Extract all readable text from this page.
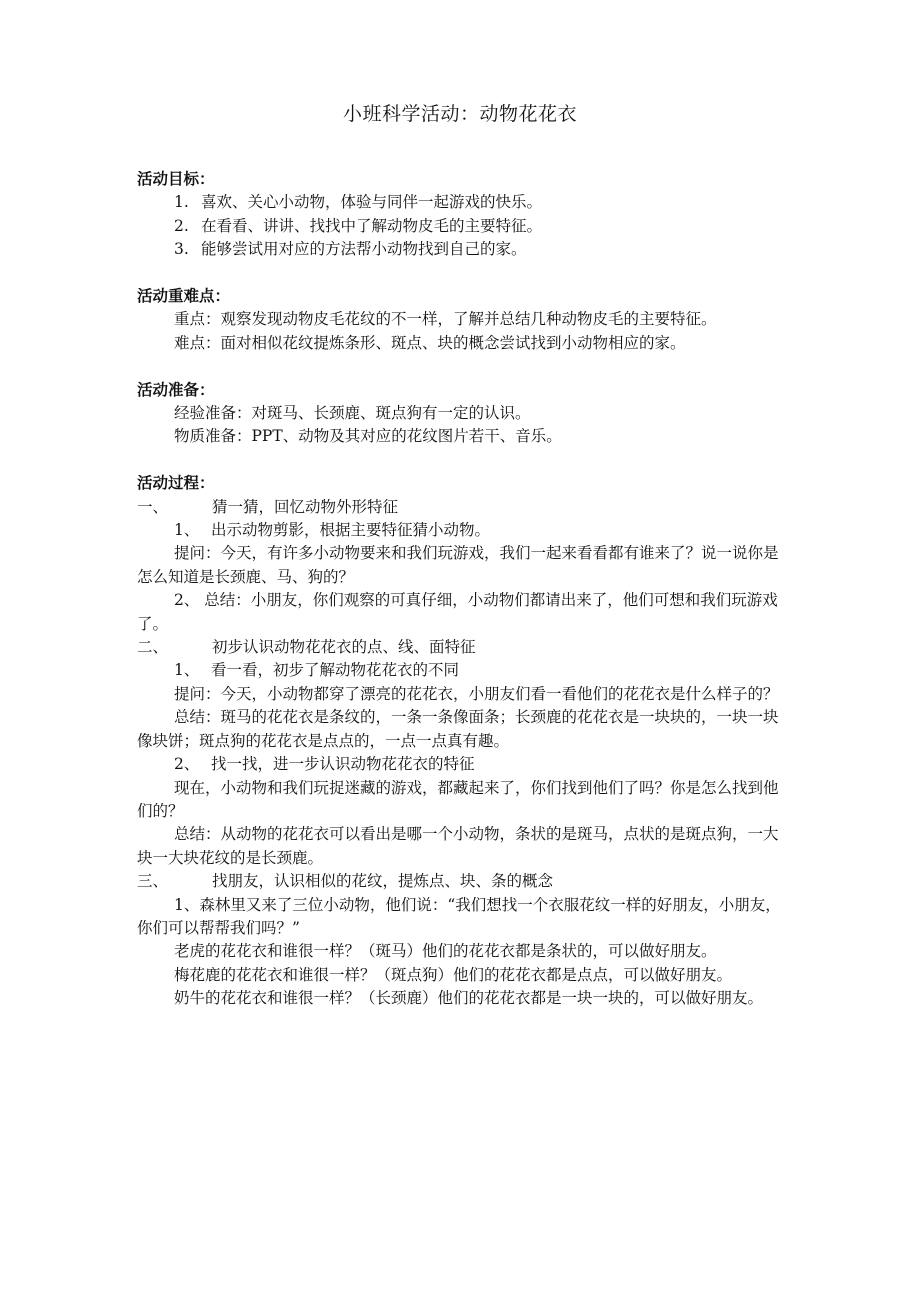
小班科学活动：动物花花衣

活动目标：

1. 喜欢、关心小动物，体验与同伴一起游戏的快乐。

2. 在看看、讲讲、找找中了解动物皮毛的主要特征。

3. 能够尝试用对应的方法帮小动物找到自己的家。

活动重难点：

重点：观察发现动物皮毛花纹的不一样，了解并总结几种动物皮毛的主要特征。

难点：面对相似花纹提炼条形、斑点、块的概念尝试找到小动物相应的家。

活动准备：

经验准备：对斑马、长颈鹿、斑点狗有一定的认识。

物质准备：PPT、动物及其对应的花纹图片若干、音乐。

活动过程：

一、	猜一猜，回忆动物外形特征

1、 出示动物剪影，根据主要特征猜小动物。

提问：今天，有许多小动物要来和我们玩游戏，我们一起来看看都有谁来了？说一说你是怎么知道是长颈鹿、马、狗的？

2、 总结：小朋友，你们观察的可真仔细，小动物们都请出来了，他们可想和我们玩游戏了。

二、	初步认识动物花花衣的点、线、面特征

1、 看一看，初步了解动物花花衣的不同

提问：今天，小动物都穿了漂亮的花花衣，小朋友们看一看他们的花花衣是什么样子的？

总结：斑马的花花衣是条纹的，一条一条像面条；长颈鹿的花花衣是一块块的，一块一块像块饼；斑点狗的花花衣是点点的，一点一点真有趣。

2、 找一找，进一步认识动物花花衣的特征

现在，小动物和我们玩捉迷藏的游戏，都藏起来了，你们找到他们了吗？你是怎么找到他们的？

总结：从动物的花花衣可以看出是哪一个小动物，条状的是斑马，点状的是斑点狗，一大块一大块花纹的是长颈鹿。

三、	找朋友，认识相似的花纹，提炼点、块、条的概念

1、森林里又来了三位小动物，他们说：“我们想找一个衣服花纹一样的好朋友，小朋友，你们可以帮帮我们吗？”

老虎的花花衣和谁很一样？（斑马）他们的花花衣都是条状的，可以做好朋友。

梅花鹿的花花衣和谁很一样？（斑点狗）他们的花花衣都是点点，可以做好朋友。

奶牛的花花衣和谁很一样？（长颈鹿）他们的花花衣都是一块一块的，可以做好朋友。
